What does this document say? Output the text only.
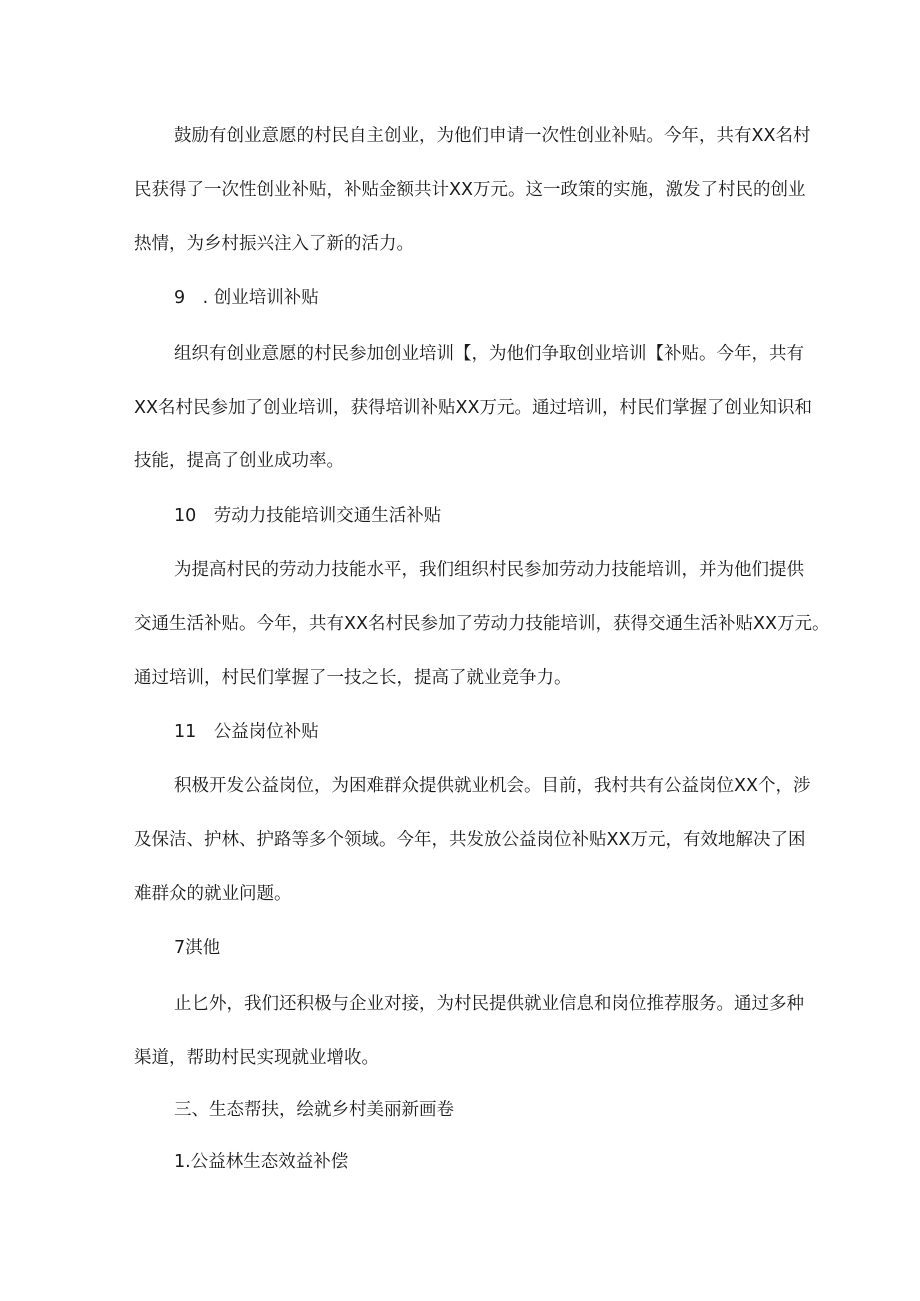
鼓励有创业意愿的村民自主创业，为他们申请一次性创业补贴。今年，共有XX名村
民获得了一次性创业补贴，补贴金额共计XX万元。这一政策的实施，激发了村民的创业
热情，为乡村振兴注入了新的活力。
9　. 创业培训补贴
组织有创业意愿的村民参加创业培训【，为他们争取创业培训【补贴。今年，共有
XX名村民参加了创业培训，获得培训补贴XX万元。通过培训，村民们掌握了创业知识和
技能，提高了创业成功率。
10　劳动力技能培训交通生活补贴
为提高村民的劳动力技能水平，我们组织村民参加劳动力技能培训，并为他们提供
交通生活补贴。今年，共有XX名村民参加了劳动力技能培训，获得交通生活补贴XX万元。
通过培训，村民们掌握了一技之长，提高了就业竞争力。
11　公益岗位补贴
积极开发公益岗位，为困难群众提供就业机会。目前，我村共有公益岗位XX个，涉
及保洁、护林、护路等多个领域。今年，共发放公益岗位补贴XX万元，有效地解决了困
难群众的就业问题。
7淇他
止匕外，我们还积极与企业对接，为村民提供就业信息和岗位推荐服务。通过多种
渠道，帮助村民实现就业增收。
三、生态帮扶，绘就乡村美丽新画卷
1.公益林生态效益补偿
